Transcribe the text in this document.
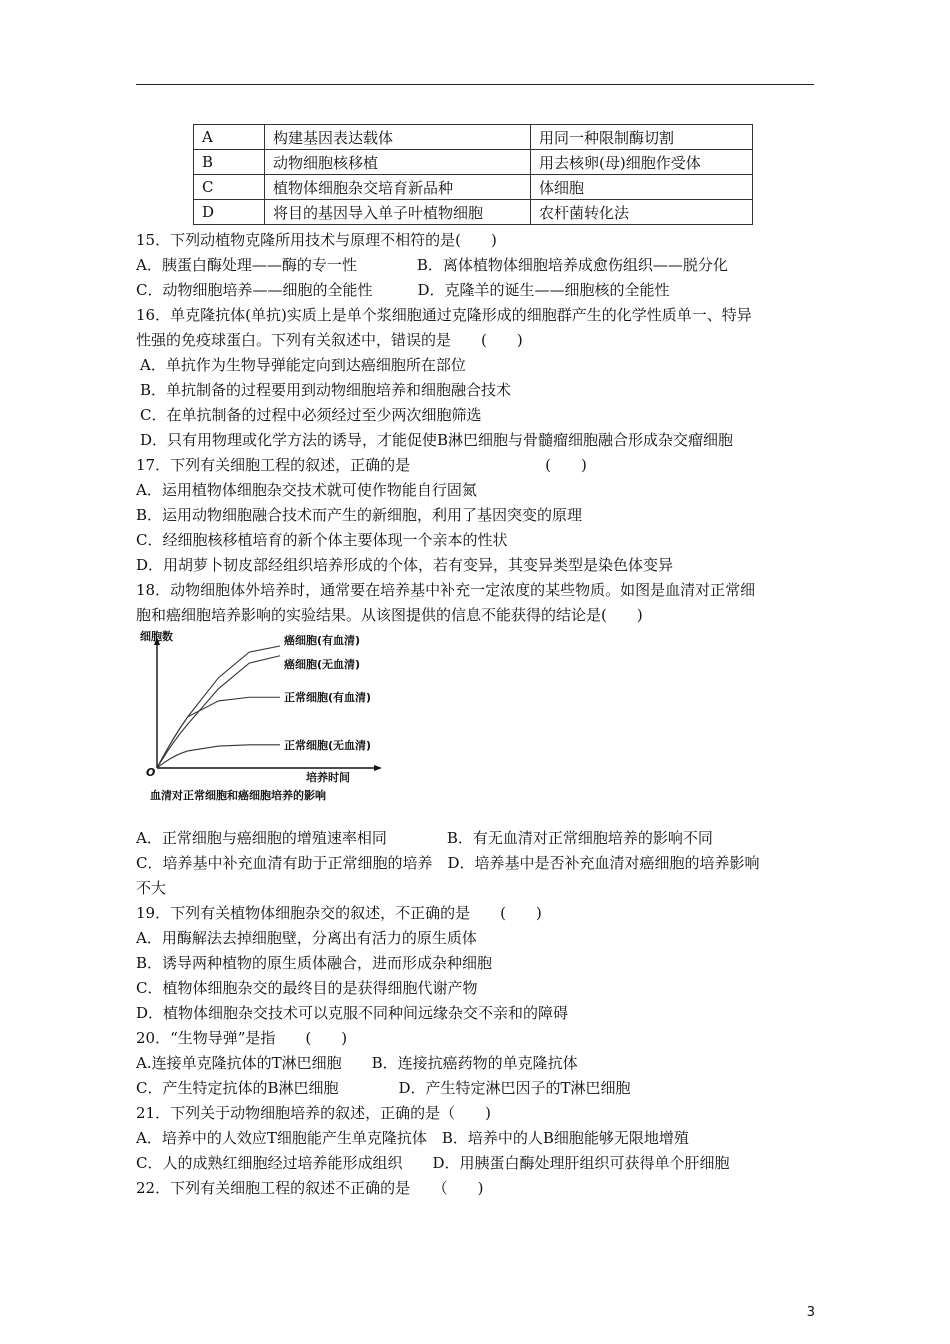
A	构建基因表达载体	用同一种限制酶切割
B	动物细胞核移植	用去核卵(母)细胞作受体
C	植物体细胞杂交培育新品种	体细胞
D	将目的基因导入单子叶植物细胞	农杆菌转化法
15．下列动植物克隆所用技术与原理不相符的是(　　)
A．胰蛋白酶处理——酶的专一性　　　　B．离体植物体细胞培养成愈伤组织——脱分化
C．动物细胞培养——细胞的全能性　　　D．克隆羊的诞生——细胞核的全能性
16．单克隆抗体(单抗)实质上是单个浆细胞通过克隆形成的细胞群产生的化学性质单一、特异
性强的免疫球蛋白。下列有关叙述中，错误的是　　(　　)
A．单抗作为生物导弹能定向到达癌细胞所在部位
B．单抗制备的过程要用到动物细胞培养和细胞融合技术
C．在单抗制备的过程中必须经过至少两次细胞筛选
D．只有用物理或化学方法的诱导，才能促使B淋巴细胞与骨髓瘤细胞融合形成杂交瘤细胞
17．下列有关细胞工程的叙述，正确的是　　　　　　　　　(　　)
A．运用植物体细胞杂交技术就可使作物能自行固氮
B．运用动物细胞融合技术而产生的新细胞，利用了基因突变的原理
C．经细胞核移植培育的新个体主要体现一个亲本的性状
D．用胡萝卜韧皮部经组织培养形成的个体，若有变异，其变异类型是染色体变异
18．动物细胞体外培养时，通常要在培养基中补充一定浓度的某些物质。如图是血清对正常细
胞和癌细胞培养影响的实验结果。从该图提供的信息不能获得的结论是(　　)
细胞数
培养时间
O
血清对正常细胞和癌细胞培养的影响
癌细胞(有血清)
癌细胞(无血清)
正常细胞(有血清)
正常细胞(无血清)
A．正常细胞与癌细胞的增殖速率相同　　　　B．有无血清对正常细胞培养的影响不同
C．培养基中补充血清有助于正常细胞的培养　D．培养基中是否补充血清对癌细胞的培养影响
不大
19．下列有关植物体细胞杂交的叙述，不正确的是　　(　　)
A．用酶解法去掉细胞壁，分离出有活力的原生质体
B．诱导两种植物的原生质体融合，进而形成杂种细胞
C．植物体细胞杂交的最终目的是获得细胞代谢产物
D．植物体细胞杂交技术可以克服不同种间远缘杂交不亲和的障碍
20．“生物导弹”是指　　(　　)
A.连接单克隆抗体的T淋巴细胞　　B．连接抗癌药物的单克隆抗体
C．产生特定抗体的B淋巴细胞　　　　D．产生特定淋巴因子的T淋巴细胞
21．下列关于动物细胞培养的叙述，正确的是（　　)
A．培养中的人效应T细胞能产生单克隆抗体　B．培养中的人B细胞能够无限地增殖
C．人的成熟红细胞经过培养能形成组织　　D．用胰蛋白酶处理肝组织可获得单个肝细胞
22．下列有关细胞工程的叙述不正确的是　　（　　)
3
